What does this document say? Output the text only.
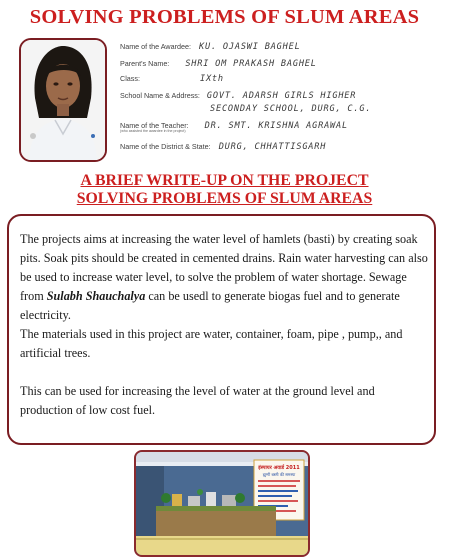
SOLVING PROBLEMS OF SLUM AREAS
Name of the Awardee: KU. OJASWI BAGHEL
Parent's Name: SHRI OM PRAKASH BAGHEL
Class:	IXth
School Name & Address: GOVT. ADARSH GIRLS HIGHER
SECONDAY SCHOOL, DURG, C.G.
Name of the Teacher:
(who assisted the awardee in the project)	DR. SMT. KRISHNA AGRAWAL
Name of the District & State: DURG, CHHATTISGARH
A BRIEF WRITE-UP ON THE PROJECT
SOLVING PROBLEMS OF SLUM AREAS
The projects aims at increasing the water level of hamlets (basti) by creating soak pits. Soak pits should be created in cemented drains. Rain water harvesting can also be used to increase water level, to solve the problem of water shortage. Sewage from Sulabh Shauchalya can be usedl to generate biogas fuel and to generate electricity.
The materials used in this project are water, container, foam, pipe , pump,, and artificial trees.
This can be used for increasing the level of water at the ground level and production of low cost fuel.
इंस्पायर अवार्ड 2011
झुग्गी बस्ती की समस्या
